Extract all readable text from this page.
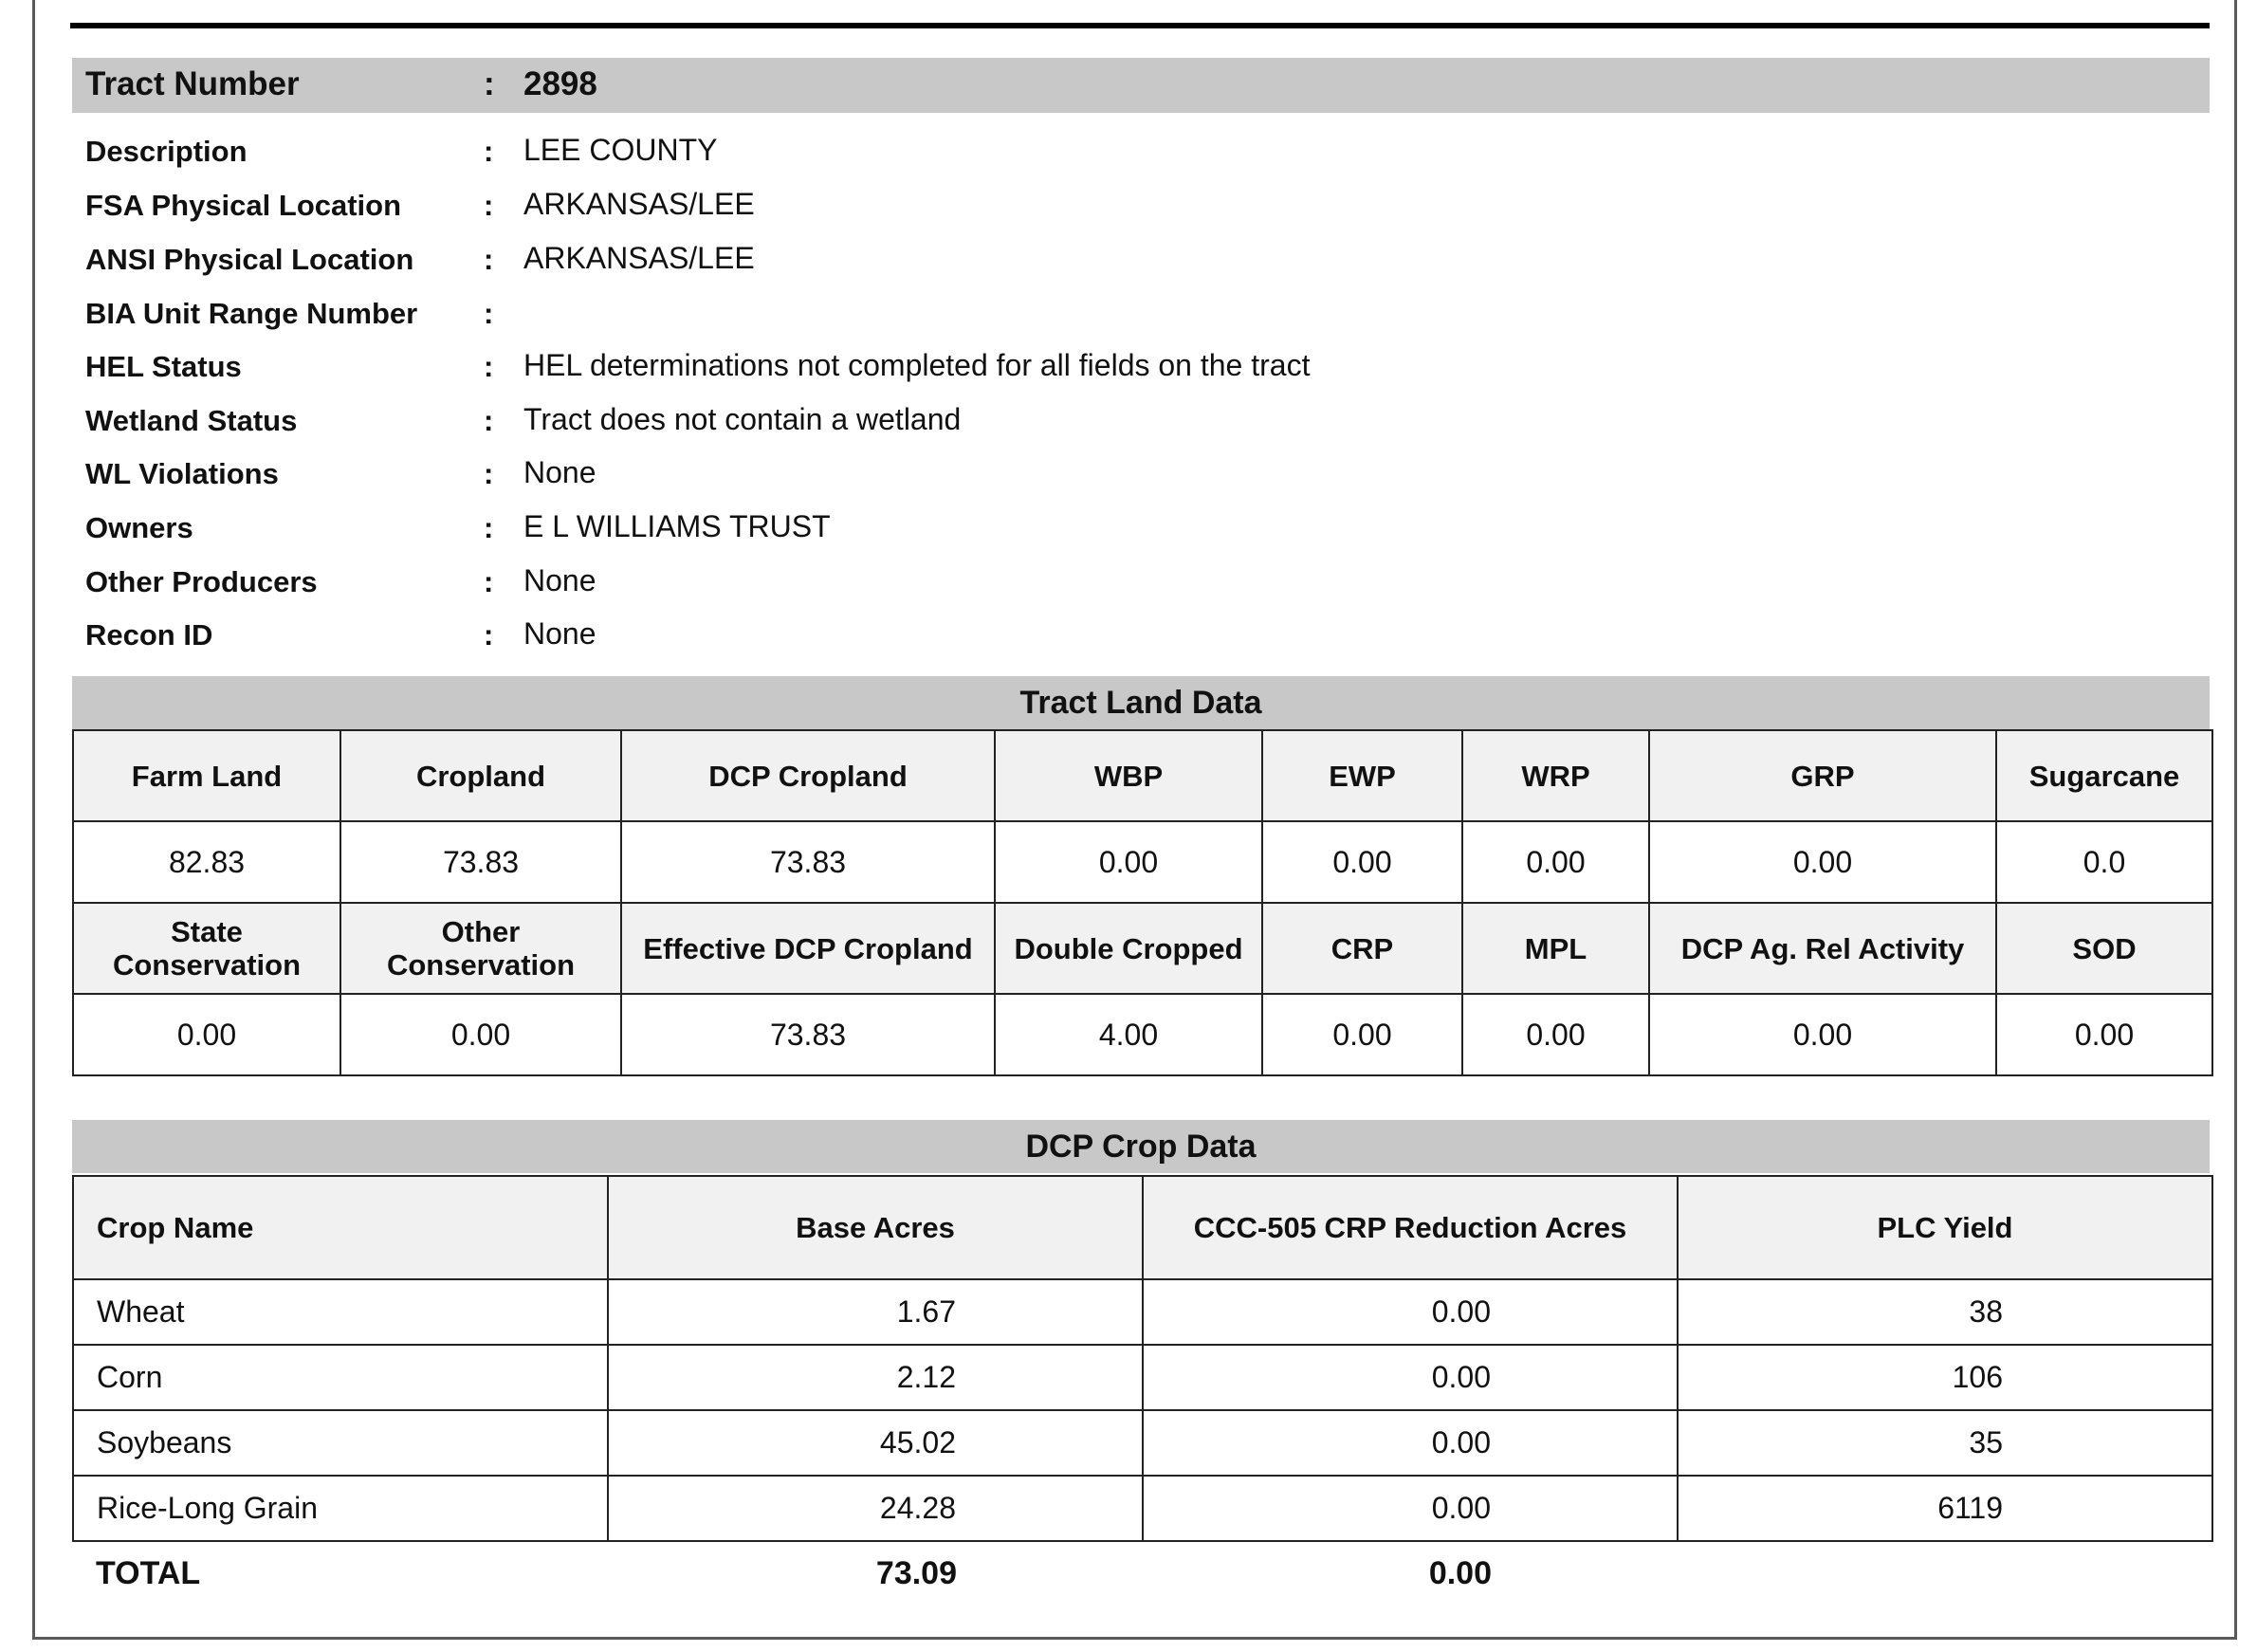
Tract Number	: 2898
Description	: LEE COUNTY
FSA Physical Location	: ARKANSAS/LEE
ANSI Physical Location : ARKANSAS/LEE
BIA Unit Range Number :
HEL Status	: HEL determinations not completed for all fields on the tract
Wetland Status	: Tract does not contain a wetland
WL Violations	: None
Owners	: E L WILLIAMS TRUST
Other Producers	: None
Recon ID	: None
Tract Land Data
Farm Land	Cropland	DCP Cropland	WBP	EWP	WRP	GRP	Sugarcane
82.83	73.83	73.83	0.00	0.00	0.00	0.00	0.0
State Conservation	Other Conservation	Effective DCP Cropland	Double Cropped	CRP	MPL	DCP Ag. Rel Activity	SOD
0.00	0.00	73.83	4.00	0.00	0.00	0.00	0.00
DCP Crop Data
Crop Name	Base Acres	CCC-505 CRP Reduction Acres	PLC Yield
Wheat	1.67	0.00	38
Corn	2.12	0.00	106
Soybeans	45.02	0.00	35
Rice-Long Grain	24.28	0.00	6119
TOTAL	73.09	0.00	
